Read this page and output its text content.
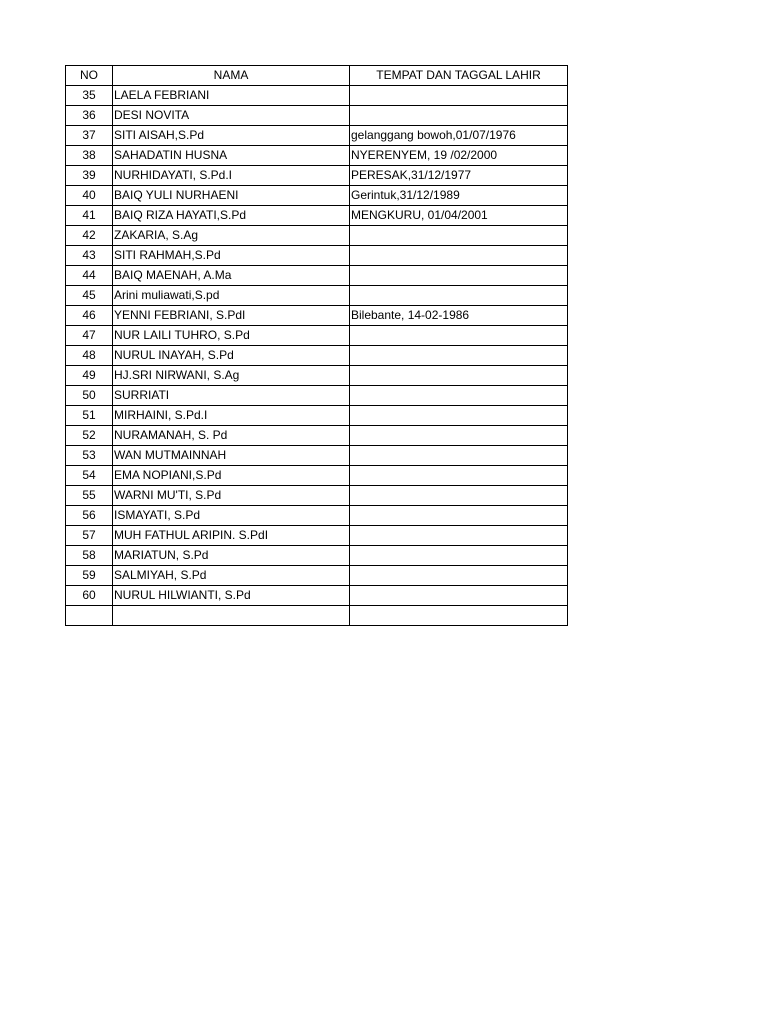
NO	NAMA	TEMPAT DAN TAGGAL LAHIR
35	LAELA FEBRIANI	
36	DESI NOVITA	
37	SITI AISAH,S.Pd	gelanggang bowoh,01/07/1976
38	SAHADATIN HUSNA	NYERENYEM, 19 /02/2000
39	NURHIDAYATI, S.Pd.I	PERESAK,31/12/1977
40	BAIQ YULI NURHAENI	Gerintuk,31/12/1989
41	BAIQ RIZA HAYATI,S.Pd	MENGKURU, 01/04/2001
42	ZAKARIA, S.Ag	
43	SITI RAHMAH,S.Pd	
44	BAIQ MAENAH, A.Ma	
45	Arini muliawati,S.pd	
46	YENNI FEBRIANI, S.PdI	Bilebante, 14-02-1986
47	NUR LAILI TUHRO, S.Pd	
48	NURUL INAYAH, S.Pd	
49	HJ.SRI NIRWANI, S.Ag	
50	SURRIATI	
51	MIRHAINI, S.Pd.I	
52	NURAMANAH, S. Pd	
53	WAN MUTMAINNAH	
54	EMA NOPIANI,S.Pd	
55	WARNI MU'TI, S.Pd	
56	ISMAYATI, S.Pd	
57	MUH FATHUL ARIPIN. S.PdI	
58	MARIATUN, S.Pd	
59	SALMIYAH, S.Pd	
60	NURUL HILWIANTI, S.Pd	
